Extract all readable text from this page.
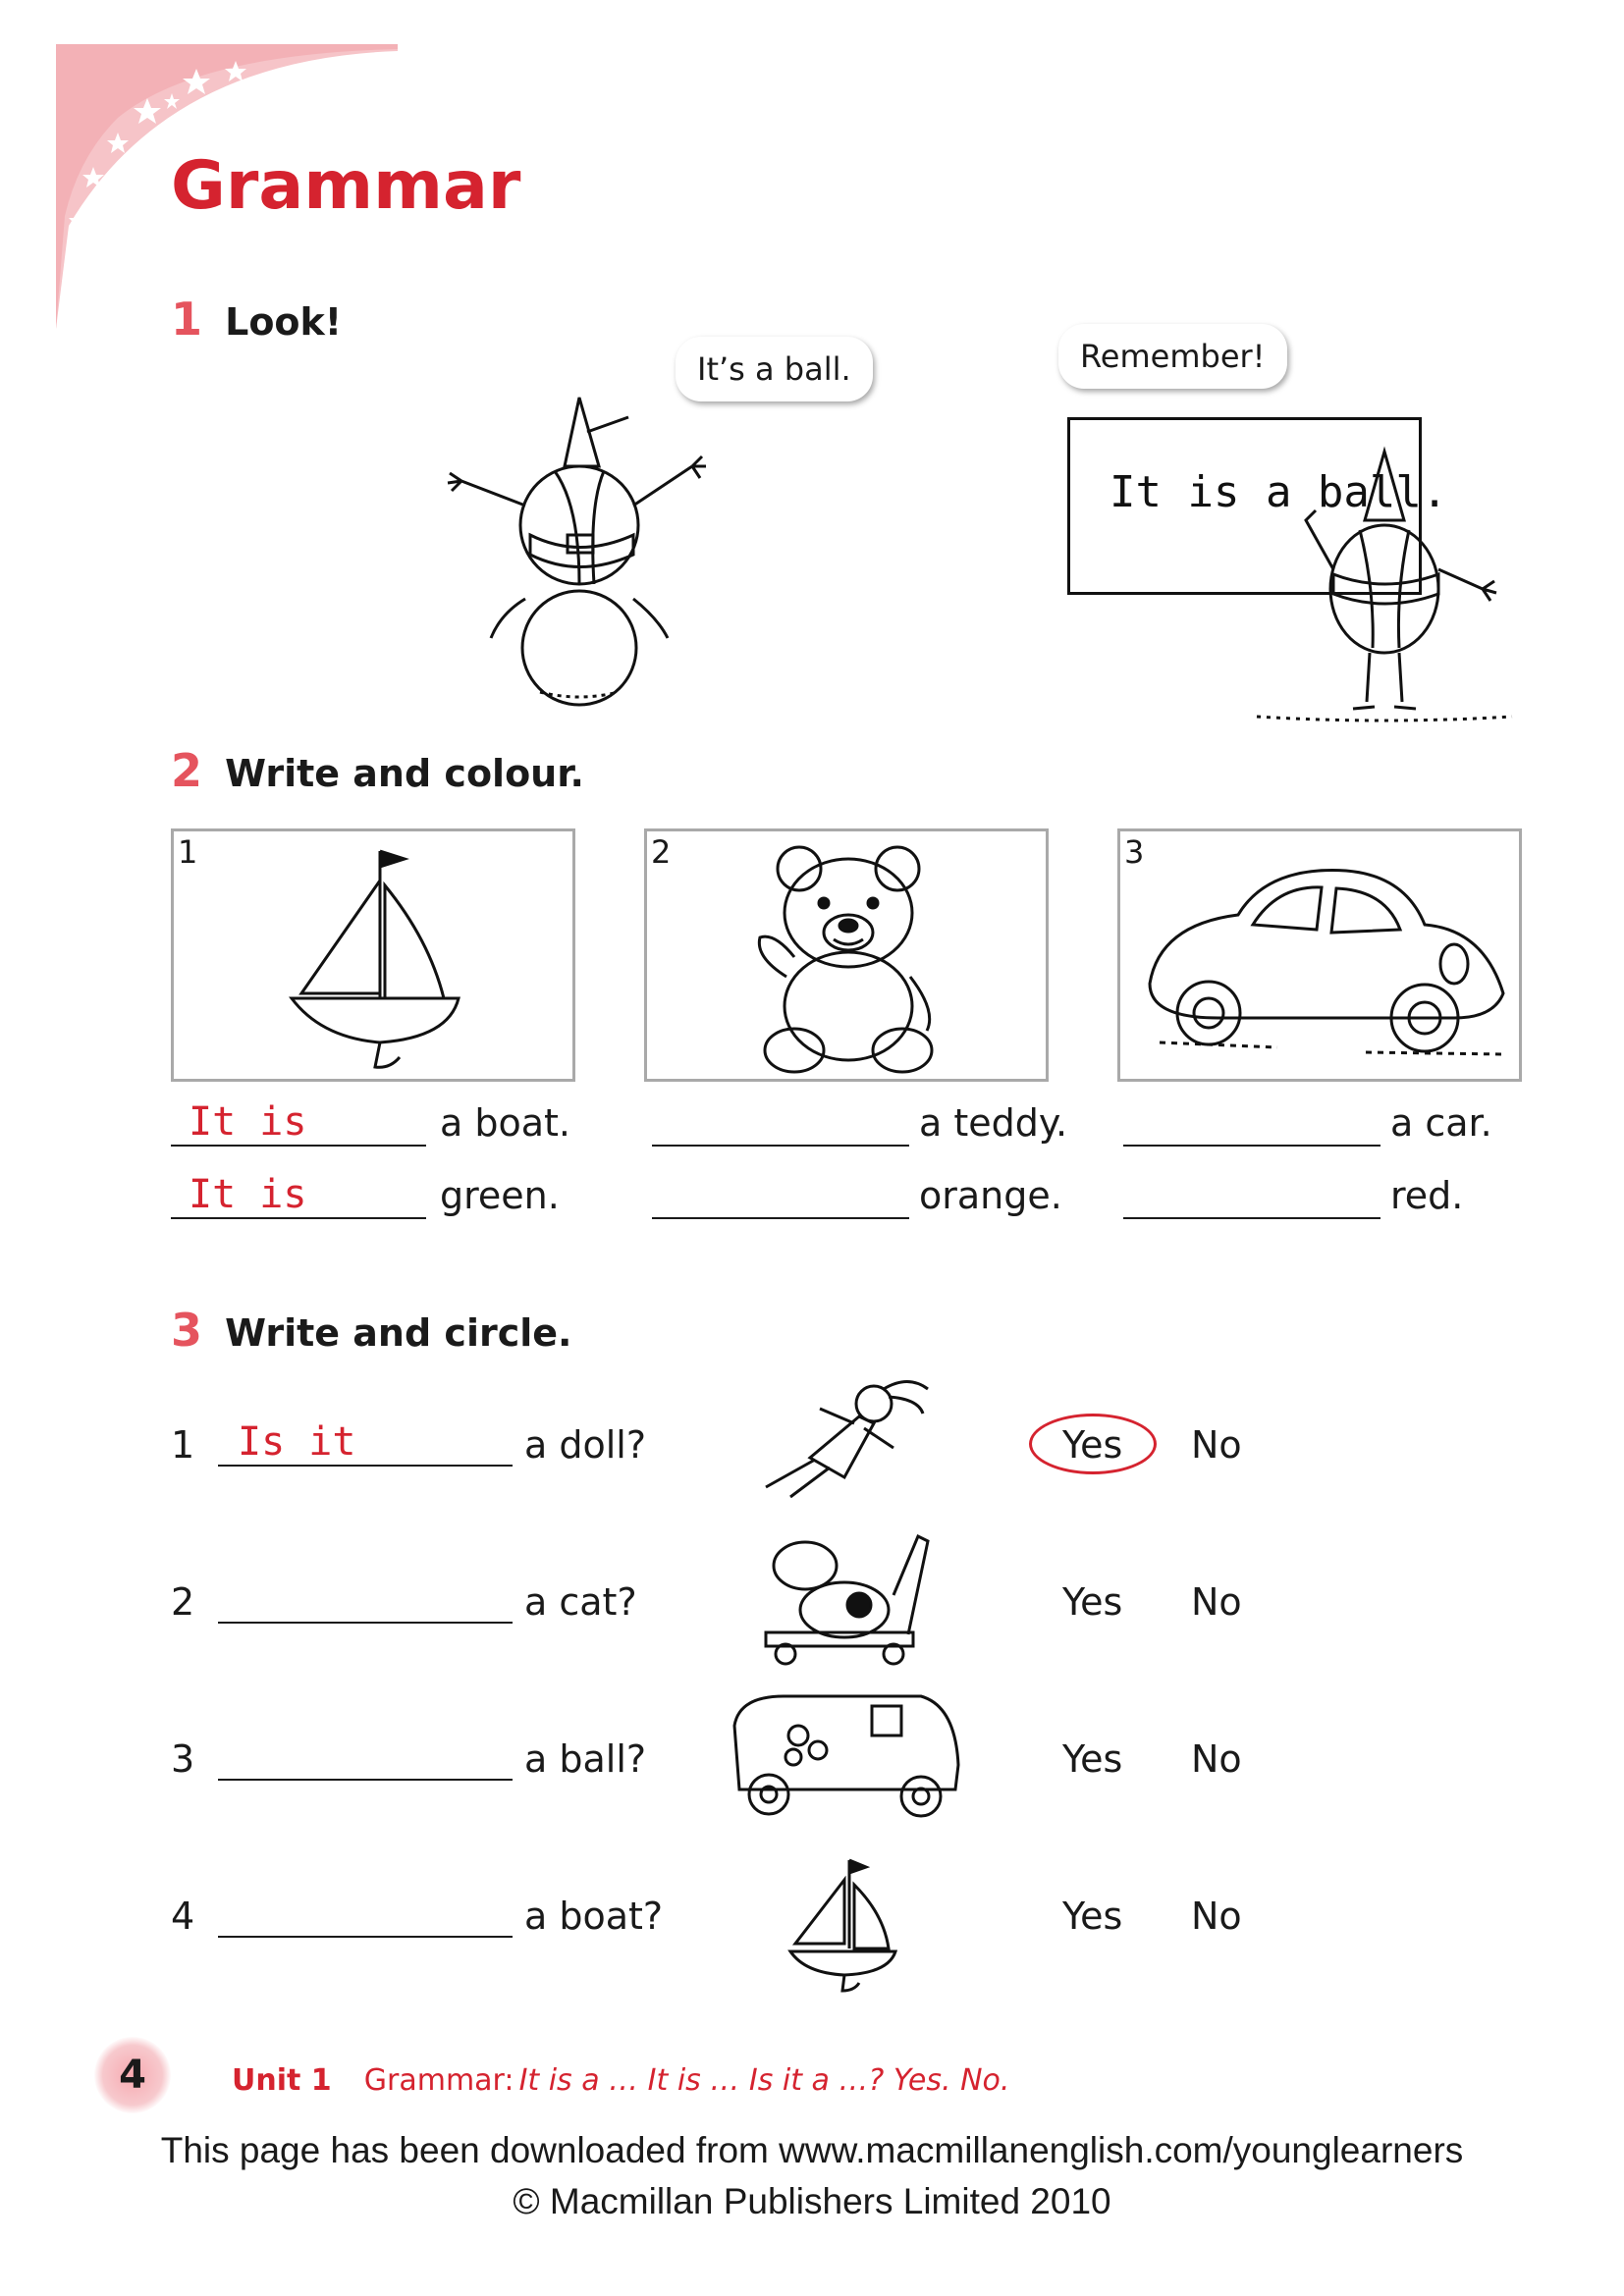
Grammar
1 Look!
It’s a ball.	Remember!
It is a ball.
2 Write and colour.
1	2	3
It is	a boat.	a teddy.	a car.
It is	green.	orange.	red.
3 Write and circle.
1 Is it	a doll?	Yes No
2	a cat?	Yes No
3	a ball?	Yes No
4	a boat?	Yes No
4	Unit 1 Grammar: It is a … It is … Is it a …? Yes. No.
This page has been downloaded from www.macmillanenglish.com/younglearners
© Macmillan Publishers Limited 2010
